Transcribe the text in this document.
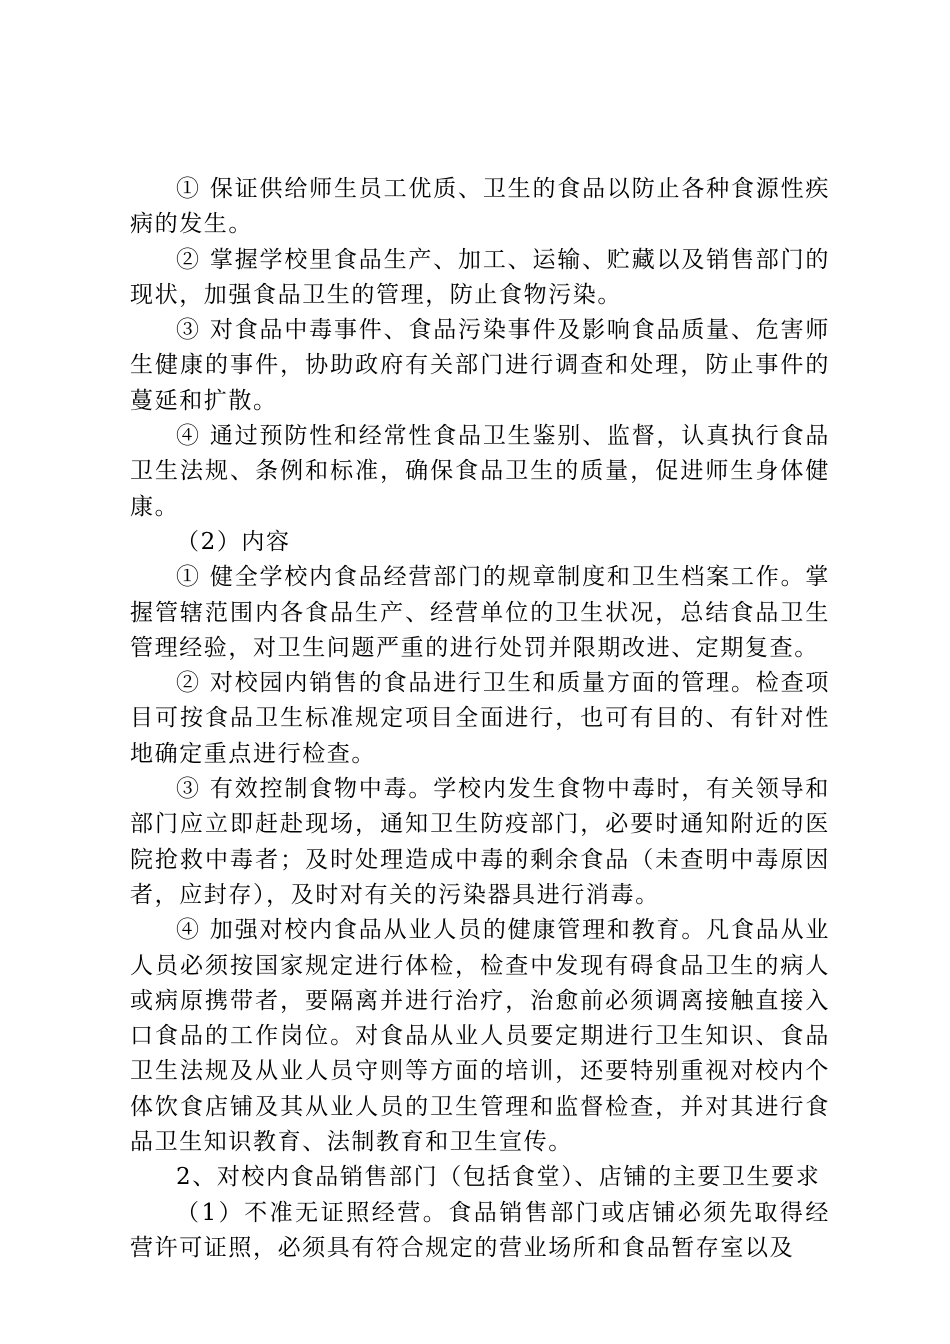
① 保证供给师生员工优质、卫生的食品以防止各种食源性疾病的发生。

② 掌握学校里食品生产、加工、运输、贮藏以及销售部门的现状，加强食品卫生的管理，防止食物污染。

③ 对食品中毒事件、食品污染事件及影响食品质量、危害师生健康的事件，协助政府有关部门进行调查和处理，防止事件的蔓延和扩散。

④ 通过预防性和经常性食品卫生鉴别、监督，认真执行食品卫生法规、条例和标准，确保食品卫生的质量，促进师生身体健康。

（2）内容

① 健全学校内食品经营部门的规章制度和卫生档案工作。掌握管辖范围内各食品生产、经营单位的卫生状况，总结食品卫生管理经验，对卫生问题严重的进行处罚并限期改进、定期复查。

② 对校园内销售的食品进行卫生和质量方面的管理。检查项目可按食品卫生标准规定项目全面进行，也可有目的、有针对性地确定重点进行检查。

③ 有效控制食物中毒。学校内发生食物中毒时，有关领导和部门应立即赶赴现场，通知卫生防疫部门，必要时通知附近的医院抢救中毒者；及时处理造成中毒的剩余食品（未查明中毒原因者，应封存），及时对有关的污染器具进行消毒。

④ 加强对校内食品从业人员的健康管理和教育。凡食品从业人员必须按国家规定进行体检，检查中发现有碍食品卫生的病人或病原携带者，要隔离并进行治疗，治愈前必须调离接触直接入口食品的工作岗位。对食品从业人员要定期进行卫生知识、食品卫生法规及从业人员守则等方面的培训，还要特别重视对校内个体饮食店铺及其从业人员的卫生管理和监督检查，并对其进行食品卫生知识教育、法制教育和卫生宣传。

2、对校内食品销售部门（包括食堂）、店铺的主要卫生要求

（1）不准无证照经营。食品销售部门或店铺必须先取得经营许可证照，必须具有符合规定的营业场所和食品暂存室以及
